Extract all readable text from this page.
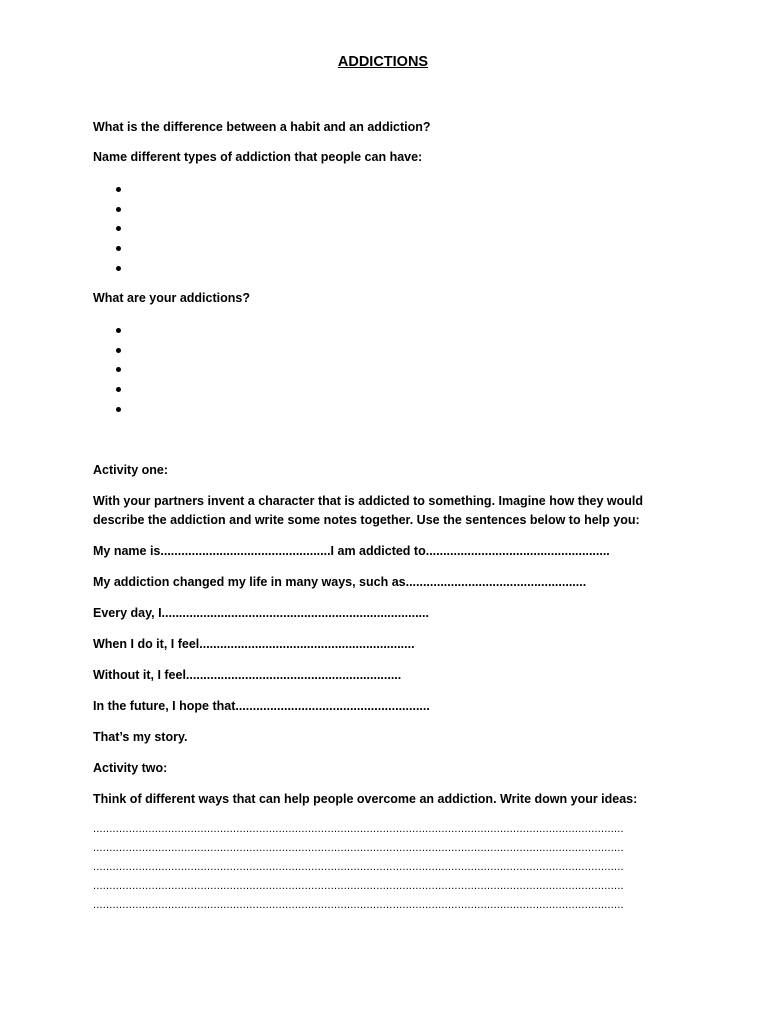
ADDICTIONS
What is the difference between a habit and an addiction?
Name different types of addiction that people can have:
What are your addictions?
Activity one:
With your partners invent a character that is addicted to something. Imagine how they would
describe the addiction and write some notes together. Use the sentences below to help you:
My name is.................................................I am addicted to.....................................................
My addiction changed my life in many ways, such as....................................................
Every day, I.............................................................................
When I do it, I feel..............................................................
Without it, I feel..............................................................
In the future, I hope that........................................................
That’s my story.
Activity two:
Think of different ways that can help people overcome an addiction. Write down your ideas:
...................................................................................................................................................................
...................................................................................................................................................................
...................................................................................................................................................................
...................................................................................................................................................................
...................................................................................................................................................................
